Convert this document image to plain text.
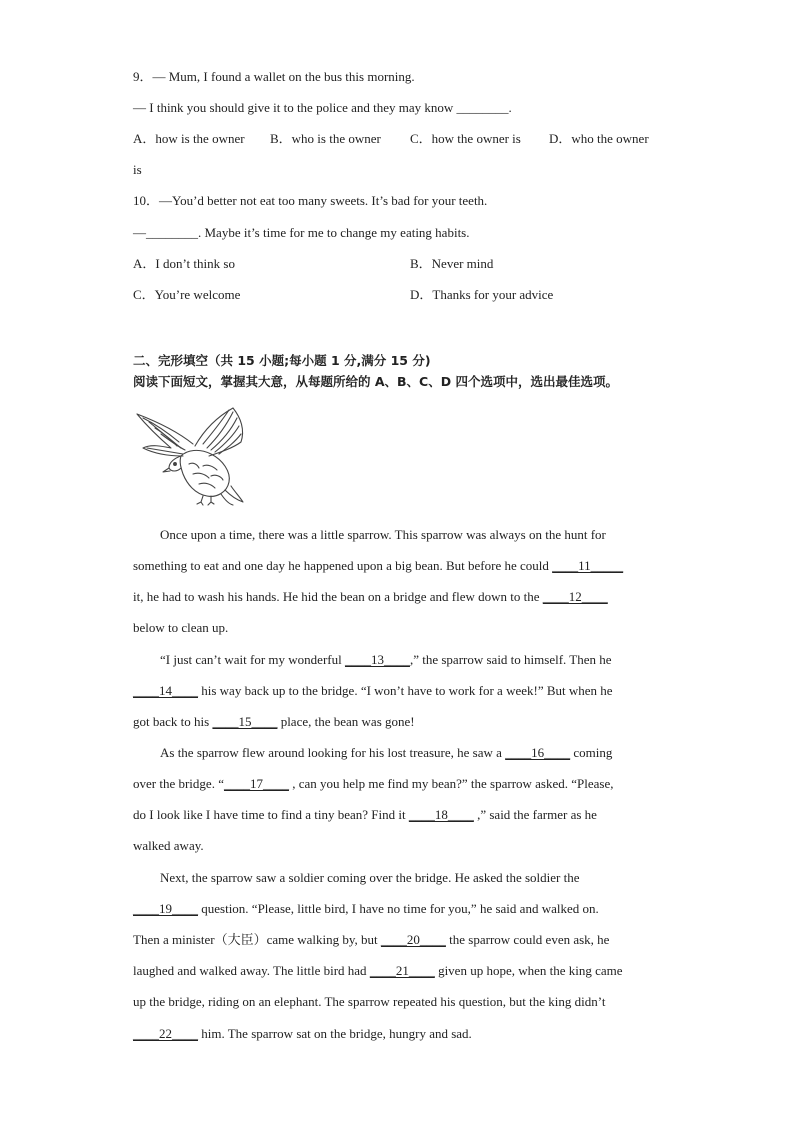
9．— Mum, I found a wallet on the bus this morning.
— I think you should give it to the police and they may know ________.
A．how is the owner B．who is the owner C．how the owner is D．who the owner
is
10．—You’d better not eat too many sweets. It’s bad for your teeth.
—________. Maybe it’s time for me to change my eating habits.
A．I don’t think so	B．Never mind
C．You’re welcome	D．Thanks for your advice
二、完形填空（共 15 小题;每小题 1 分,满分 15 分)
阅读下面短文，掌握其大意，从每题所给的 A、B、C、D 四个选项中，选出最佳选项。
Once upon a time, there was a little sparrow. This sparrow was always on the hunt for
something to eat and one day he happened upon a big bean. But before he could ____11_____
it, he had to wash his hands. He hid the bean on a bridge and flew down to the ____12____
below to clean up.
“I just can’t wait for my wonderful ____13____,” the sparrow said to himself. Then he
____14____ his way back up to the bridge. “I won’t have to work for a week!” But when he
got back to his ____15____ place, the bean was gone!
As the sparrow flew around looking for his lost treasure, he saw a ____16____ coming
over the bridge. “____17____ , can you help me find my bean?” the sparrow asked. “Please,
do I look like I have time to find a tiny bean? Find it ____18____ ,” said the farmer as he
walked away.
Next, the sparrow saw a soldier coming over the bridge. He asked the soldier the
____19____ question. “Please, little bird, I have no time for you,” he said and walked on.
Then a minister（大臣）came walking by, but ____20____ the sparrow could even ask, he
laughed and walked away. The little bird had ____21____ given up hope, when the king came
up the bridge, riding on an elephant. The sparrow repeated his question, but the king didn’t
____22____ him. The sparrow sat on the bridge, hungry and sad.
